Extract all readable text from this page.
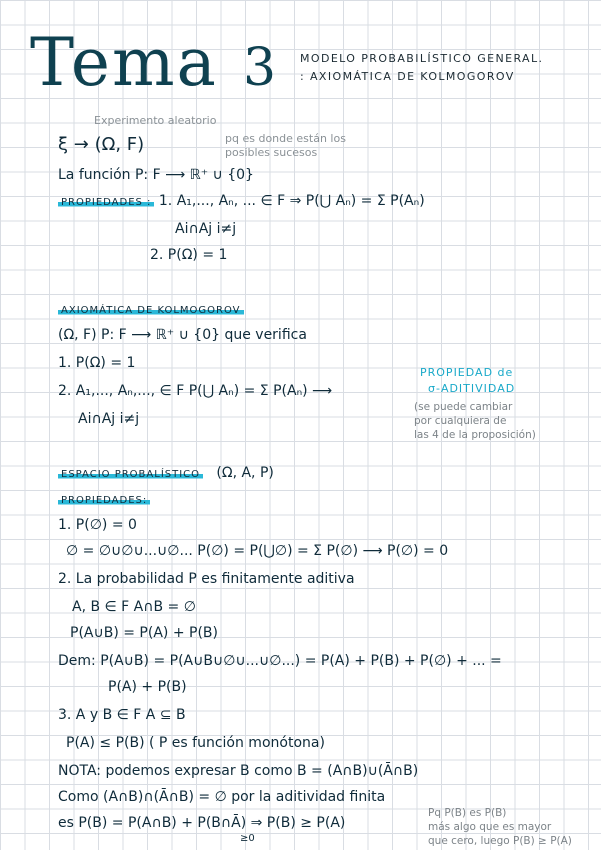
Tema 3 MODELO PROBABILÍSTICO GENERAL.
: AXIOMÁTICA DE KOLMOGOROV
Experimento aleatorio
ξ → (Ω, F)	pq es donde están los posibles sucesos
La función P: F ⟶ ℝ⁺ ∪ {0}
PROPIEDADES : 1. A₁,..., Aₙ, ... ∈ F ⇒ P(⋃ Aₙ) = Σ P(Aₙ)
Ai∩Aj i≠j
2. P(Ω) = 1
AXIOMÁTICA DE KOLMOGOROV
(Ω, F) P: F ⟶ ℝ⁺ ∪ {0} que verifica
1. P(Ω) = 1
2. A₁,..., Aₙ,..., ∈ F P(⋃ Aₙ) = Σ P(Aₙ) ⟶
Ai∩Aj i≠j
PROPIEDAD de
σ-ADITIVIDAD
(se puede cambiar
por cualquiera de
las 4 de la proposición)
ESPACIO PROBALÍSTICO (Ω, A, P)
PROPIEDADES:
1. P(∅) = 0
∅ = ∅∪∅∪...∪∅... P(∅) = P(⋃∅) = Σ P(∅) ⟶ P(∅) = 0
2. La probabilidad P es finitamente aditiva
A, B ∈ F A∩B = ∅
P(A∪B) = P(A) + P(B)
Dem: P(A∪B) = P(A∪B∪∅∪...∪∅...) = P(A) + P(B) + P(∅) + ... =
P(A) + P(B)
3. A y B ∈ F A ⊆ B
P(A) ≤ P(B) ( P es función monótona)
NOTA: podemos expresar B como B = (A∩B)∪(Ā∩B)
Como (A∩B)∩(Ā∩B) = ∅ por la aditividad finita
es P(B) = P(A∩B) + P(B∩Ā) ⇒ P(B) ≥ P(A)
≥0
Pq P(B) es P(B)
más algo que es mayor
que cero, luego P(B) ≥ P(A)
